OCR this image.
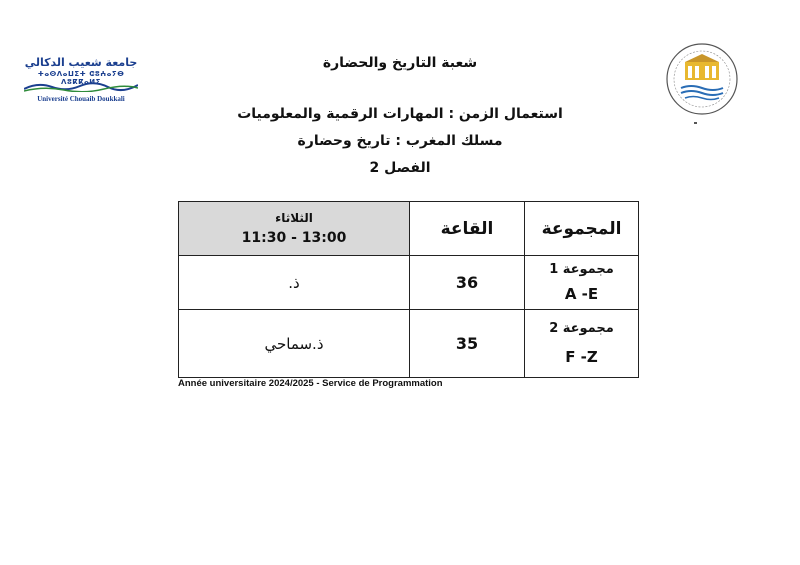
جامعة شعيب الدكالي
ⵜⴰⵙⴷⴰⵡⵉⵜ ⵛⵓⵄⴰⵢⴱ ⴷⵓⴽⴽⴰⵍⵉ
Université Chouaib Doukkali
شعبة التاريخ والحضارة
استعمال الزمن : المهارات الرقمية والمعلوميات
مسلك المغرب : تاريخ وحضارة
الفصل 2
الثلاثاء
11:30 - 13:00	القاعة	المجموعة
ذ.	36	مجموعة 1
A -E

ذ.سماحي	35	مجموعة 2
F -Z
Année universitaire 2024/2025 - Service de Programmation
